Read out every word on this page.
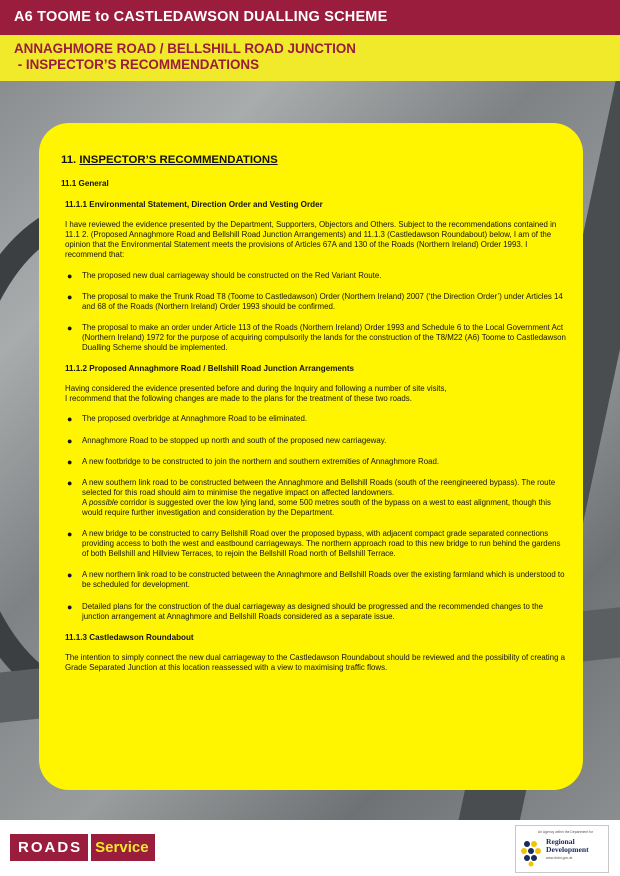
A6 TOOME to CASTLEDAWSON DUALLING SCHEME
ANNAGHMORE ROAD / BELLSHILL ROAD JUNCTION
- INSPECTOR’S RECOMMENDATIONS
11. INSPECTOR’S RECOMMENDATIONS
11.1 General
11.1.1 Environmental Statement, Direction Order and Vesting Order
I have reviewed the evidence presented by the Department, Supporters, Objectors and Others. Subject to the recommendations contained in 11.1 2. (Proposed Annaghmore Road and Bellshill Road Junction Arrangements) and 11.1.3 (Castledawson Roundabout) below, I am of the opinion that the Environmental Statement meets the provisions of Articles 67A and 130 of the Roads (Northern Ireland) Order 1993. I recommend that:
● The proposed new dual carriageway should be constructed on the Red Variant Route.
● The proposal to make the Trunk Road T8 (Toome to Castledawson) Order (Northern Ireland) 2007 (‘the Direction Order’) under Articles 14 and 68 of the Roads (Northern Ireland) Order 1993 should be confirmed.
● The proposal to make an order under Article 113 of the Roads (Northern Ireland) Order 1993 and Schedule 6 to the Local Government Act (Northern Ireland) 1972 for the purpose of acquiring compulsorily the lands for the construction of the T8/M22 (A6) Toome to Castledawson Dualling Scheme should be implemented.
11.1.2 Proposed Annaghmore Road / Bellshill Road Junction Arrangements
Having considered the evidence presented before and during the Inquiry and following a number of site visits,
I recommend that the following changes are made to the plans for the treatment of these two roads.
● The proposed overbridge at Annaghmore Road to be eliminated.
● Annaghmore Road to be stopped up north and south of the proposed new carriageway.
● A new footbridge to be constructed to join the northern and southern extremities of Annaghmore Road.
● A new southern link road to be constructed between the Annaghmore and Bellshill Roads (south of the reengineered bypass). The route selected for this road should aim to minimise the negative impact on affected landowners.
A possible corridor is suggested over the low lying land, some 500 metres south of the bypass on a west to east alignment, though this would require further investigation and consideration by the Department.
● A new bridge to be constructed to carry Bellshill Road over the proposed bypass, with adjacent compact grade separated connections providing access to both the west and eastbound carriageways. The northern approach road to this new bridge to run behind the gardens of both Bellshill and Hillview Terraces, to rejoin the Bellshill Road north of Bellshill Terrace.
● A new northern link road to be constructed between the Annaghmore and Bellshill Roads over the existing farmland which is understood to be scheduled for development.
● Detailed plans for the construction of the dual carriageway as designed should be progressed and the recommended changes to the junction arrangement at Annaghmore and Bellshill Roads considered as a separate issue.
11.1.3 Castledawson Roundabout
The intention to simply connect the new dual carriageway to the Castledawson Roundabout should be reviewed and the possibility of creating a Grade Separated Junction at this location reassessed with a view to maximising traffic flows.
ROADS Service
An Agency within the Department for
Regional
Development
www.drdni.gov.uk
